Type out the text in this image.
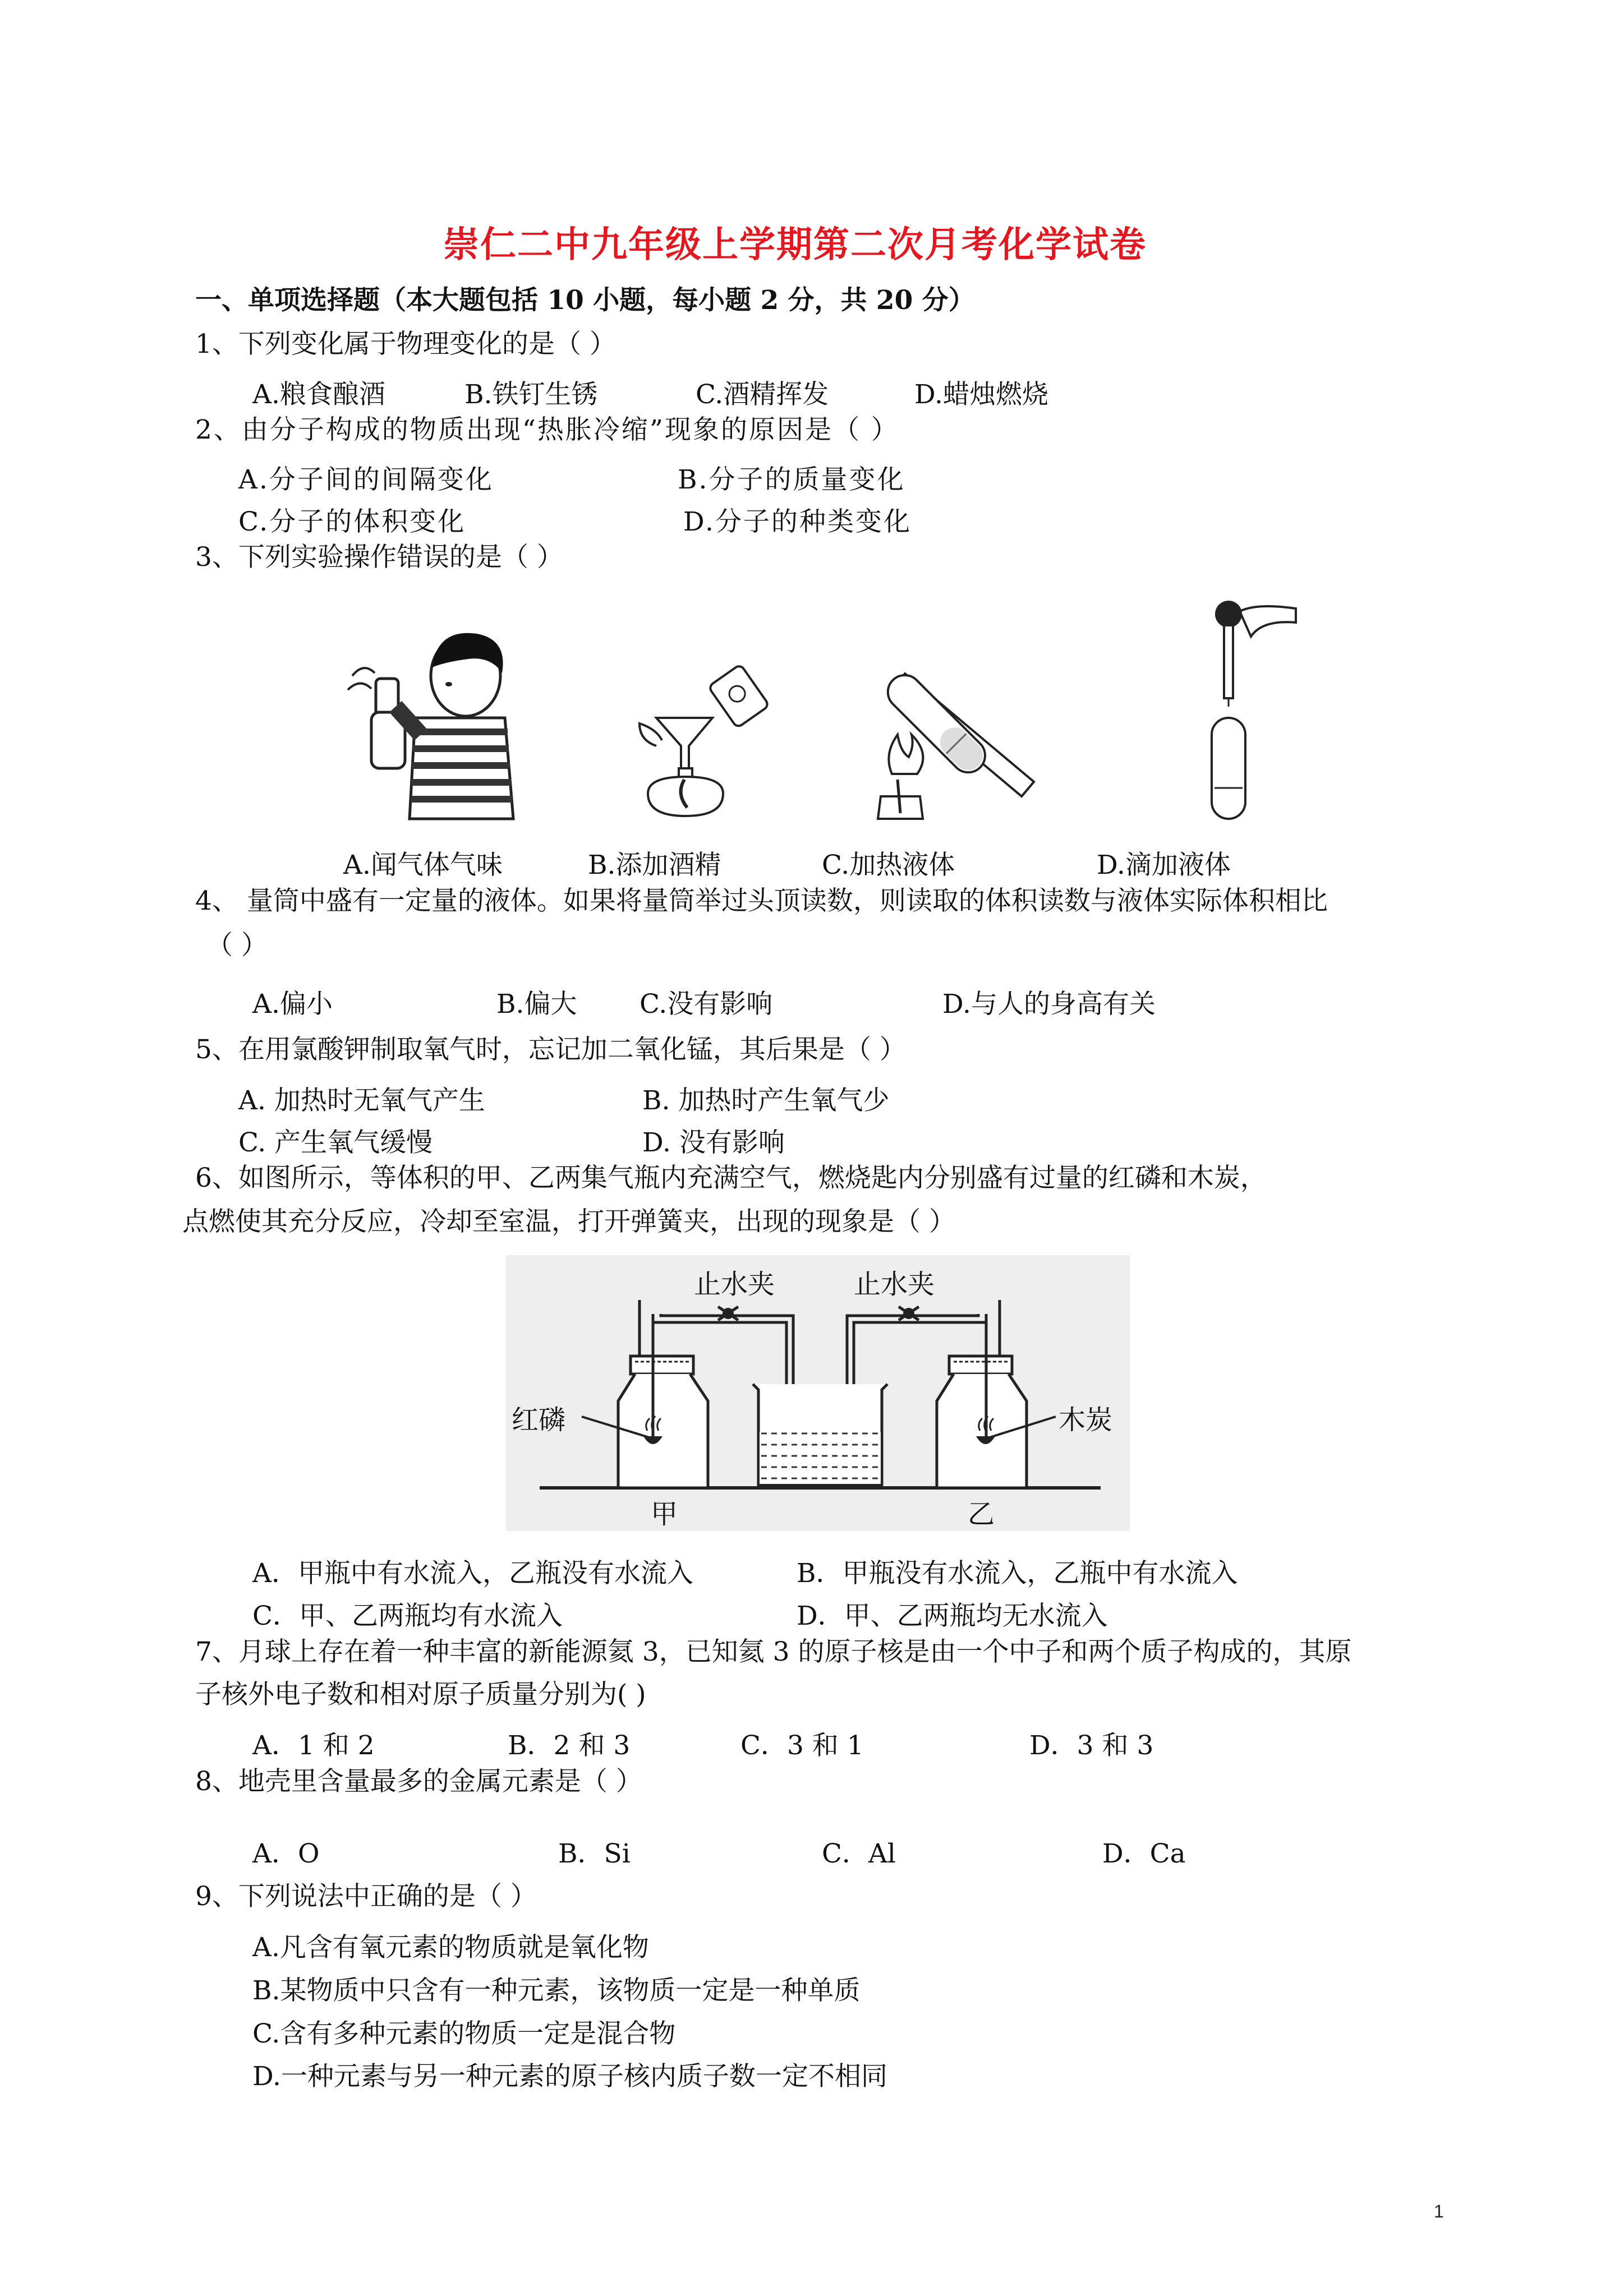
崇仁二中九年级上学期第二次月考化学试卷
一、单项选择题（本大题包括 10 小题，每小题 2 分，共 20 分）
1、下列变化属于物理变化的是（ ）
A.粮食酿酒	B.铁钉生锈	C.酒精挥发	D.蜡烛燃烧
2、由分子构成的物质出现“热胀冷缩”现象的原因是（ ）
A.分子间的间隔变化	B.分子的质量变化
C.分子的体积变化	D.分子的种类变化
3、下列实验操作错误的是（ ）
A.闻气体气味	B.添加酒精	C.加热液体	D.滴加液体
4、 量筒中盛有一定量的液体。如果将量筒举过头顶读数，则读取的体积读数与液体实际体积相比
（ ）
A.偏小	B.偏大 C.没有影响	D.与人的身高有关
5、在用氯酸钾制取氧气时，忘记加二氧化锰，其后果是（ ）
A. 加热时无氧气产生	B. 加热时产生氧气少
C. 产生氧气缓慢	D. 没有影响
6、如图所示，等体积的甲、乙两集气瓶内充满空气，燃烧匙内分别盛有过量的红磷和木炭，
点燃使其充分反应，冷却至室温，打开弹簧夹，出现的现象是（ ）
止水夹	止水夹
红磷	木炭
甲	乙
A．甲瓶中有水流入，乙瓶没有水流入	B．甲瓶没有水流入，乙瓶中有水流入
C．甲、乙两瓶均有水流入	D．甲、乙两瓶均无水流入
7、月球上存在着一种丰富的新能源氦 3，已知氦 3 的原子核是由一个中子和两个质子构成的，其原
子核外电子数和相对原子质量分别为( )
A．1 和 2	B．2 和 3	C．3 和 1	D．3 和 3
8、地壳里含量最多的金属元素是（ ）
A．O	B．Si	C．Al	D．Ca
9、下列说法中正确的是（ ）
A.凡含有氧元素的物质就是氧化物
B.某物质中只含有一种元素，该物质一定是一种单质
C.含有多种元素的物质一定是混合物
D.一种元素与另一种元素的原子核内质子数一定不相同
1
